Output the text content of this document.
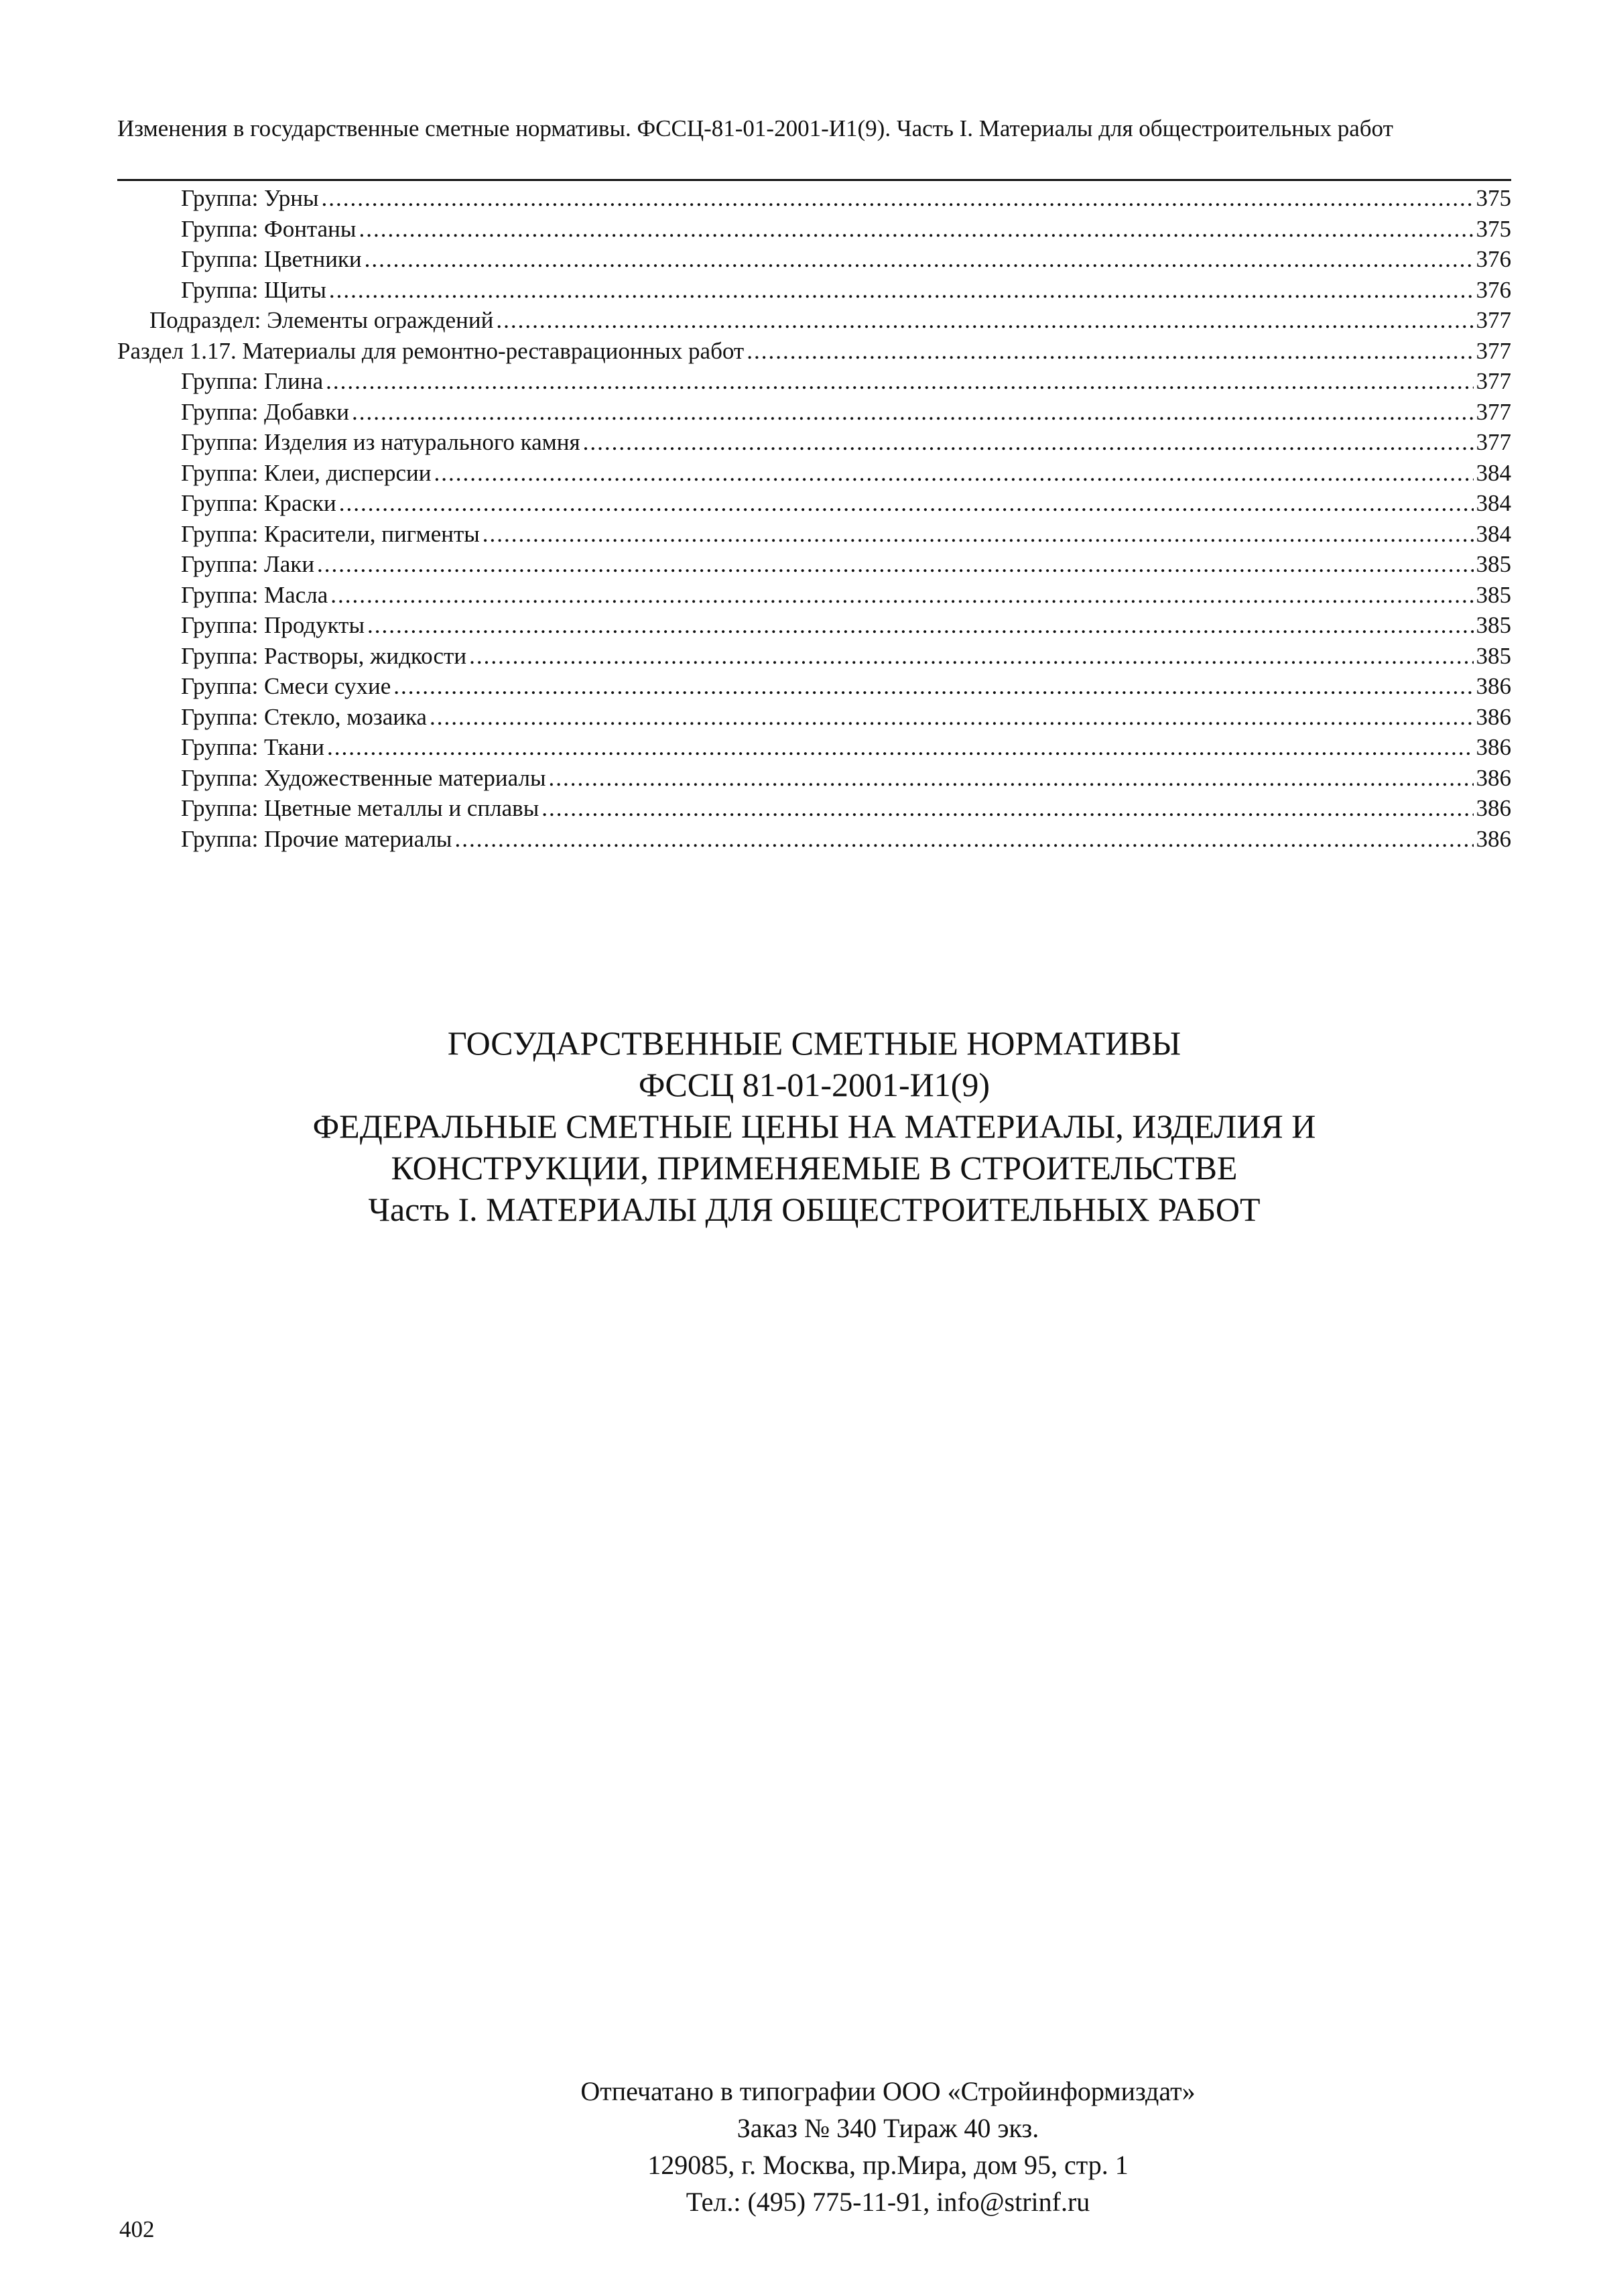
Изменения в государственные сметные нормативы. ФССЦ-81-01-2001-И1(9). Часть I. Материалы для общестроительных работ
Группа: Урны .....	375
Группа: Фонтаны .....	375
Группа: Цветники .....	376
Группа: Щиты .....	376
Подраздел: Элементы ограждений .....	377
Раздел 1.17. Материалы для ремонтно-реставрационных работ .....	377
Группа: Глина .....	377
Группа: Добавки .....	377
Группа: Изделия из натурального камня .....	377
Группа: Клеи, дисперсии .....	384
Группа: Краски .....	384
Группа: Красители, пигменты .....	384
Группа: Лаки .....	385
Группа: Масла .....	385
Группа: Продукты .....	385
Группа: Растворы, жидкости .....	385
Группа: Смеси сухие .....	386
Группа: Стекло, мозаика .....	386
Группа: Ткани .....	386
Группа: Художественные материалы .....	386
Группа: Цветные металлы и сплавы .....	386
Группа: Прочие материалы .....	386
ГОСУДАРСТВЕННЫЕ СМЕТНЫЕ НОРМАТИВЫ
ФССЦ 81-01-2001-И1(9)
ФЕДЕРАЛЬНЫЕ СМЕТНЫЕ ЦЕНЫ НА МАТЕРИАЛЫ, ИЗДЕЛИЯ И
КОНСТРУКЦИИ, ПРИМЕНЯЕМЫЕ В СТРОИТЕЛЬСТВЕ
Часть I. МАТЕРИАЛЫ ДЛЯ ОБЩЕСТРОИТЕЛЬНЫХ РАБОТ
Отпечатано в типографии ООО «Стройинформиздат»
Заказ № 340 Тираж 40 экз.
129085, г. Москва, пр.Мира, дом 95, стр. 1
Тел.: (495) 775-11-91, info@strinf.ru
402
